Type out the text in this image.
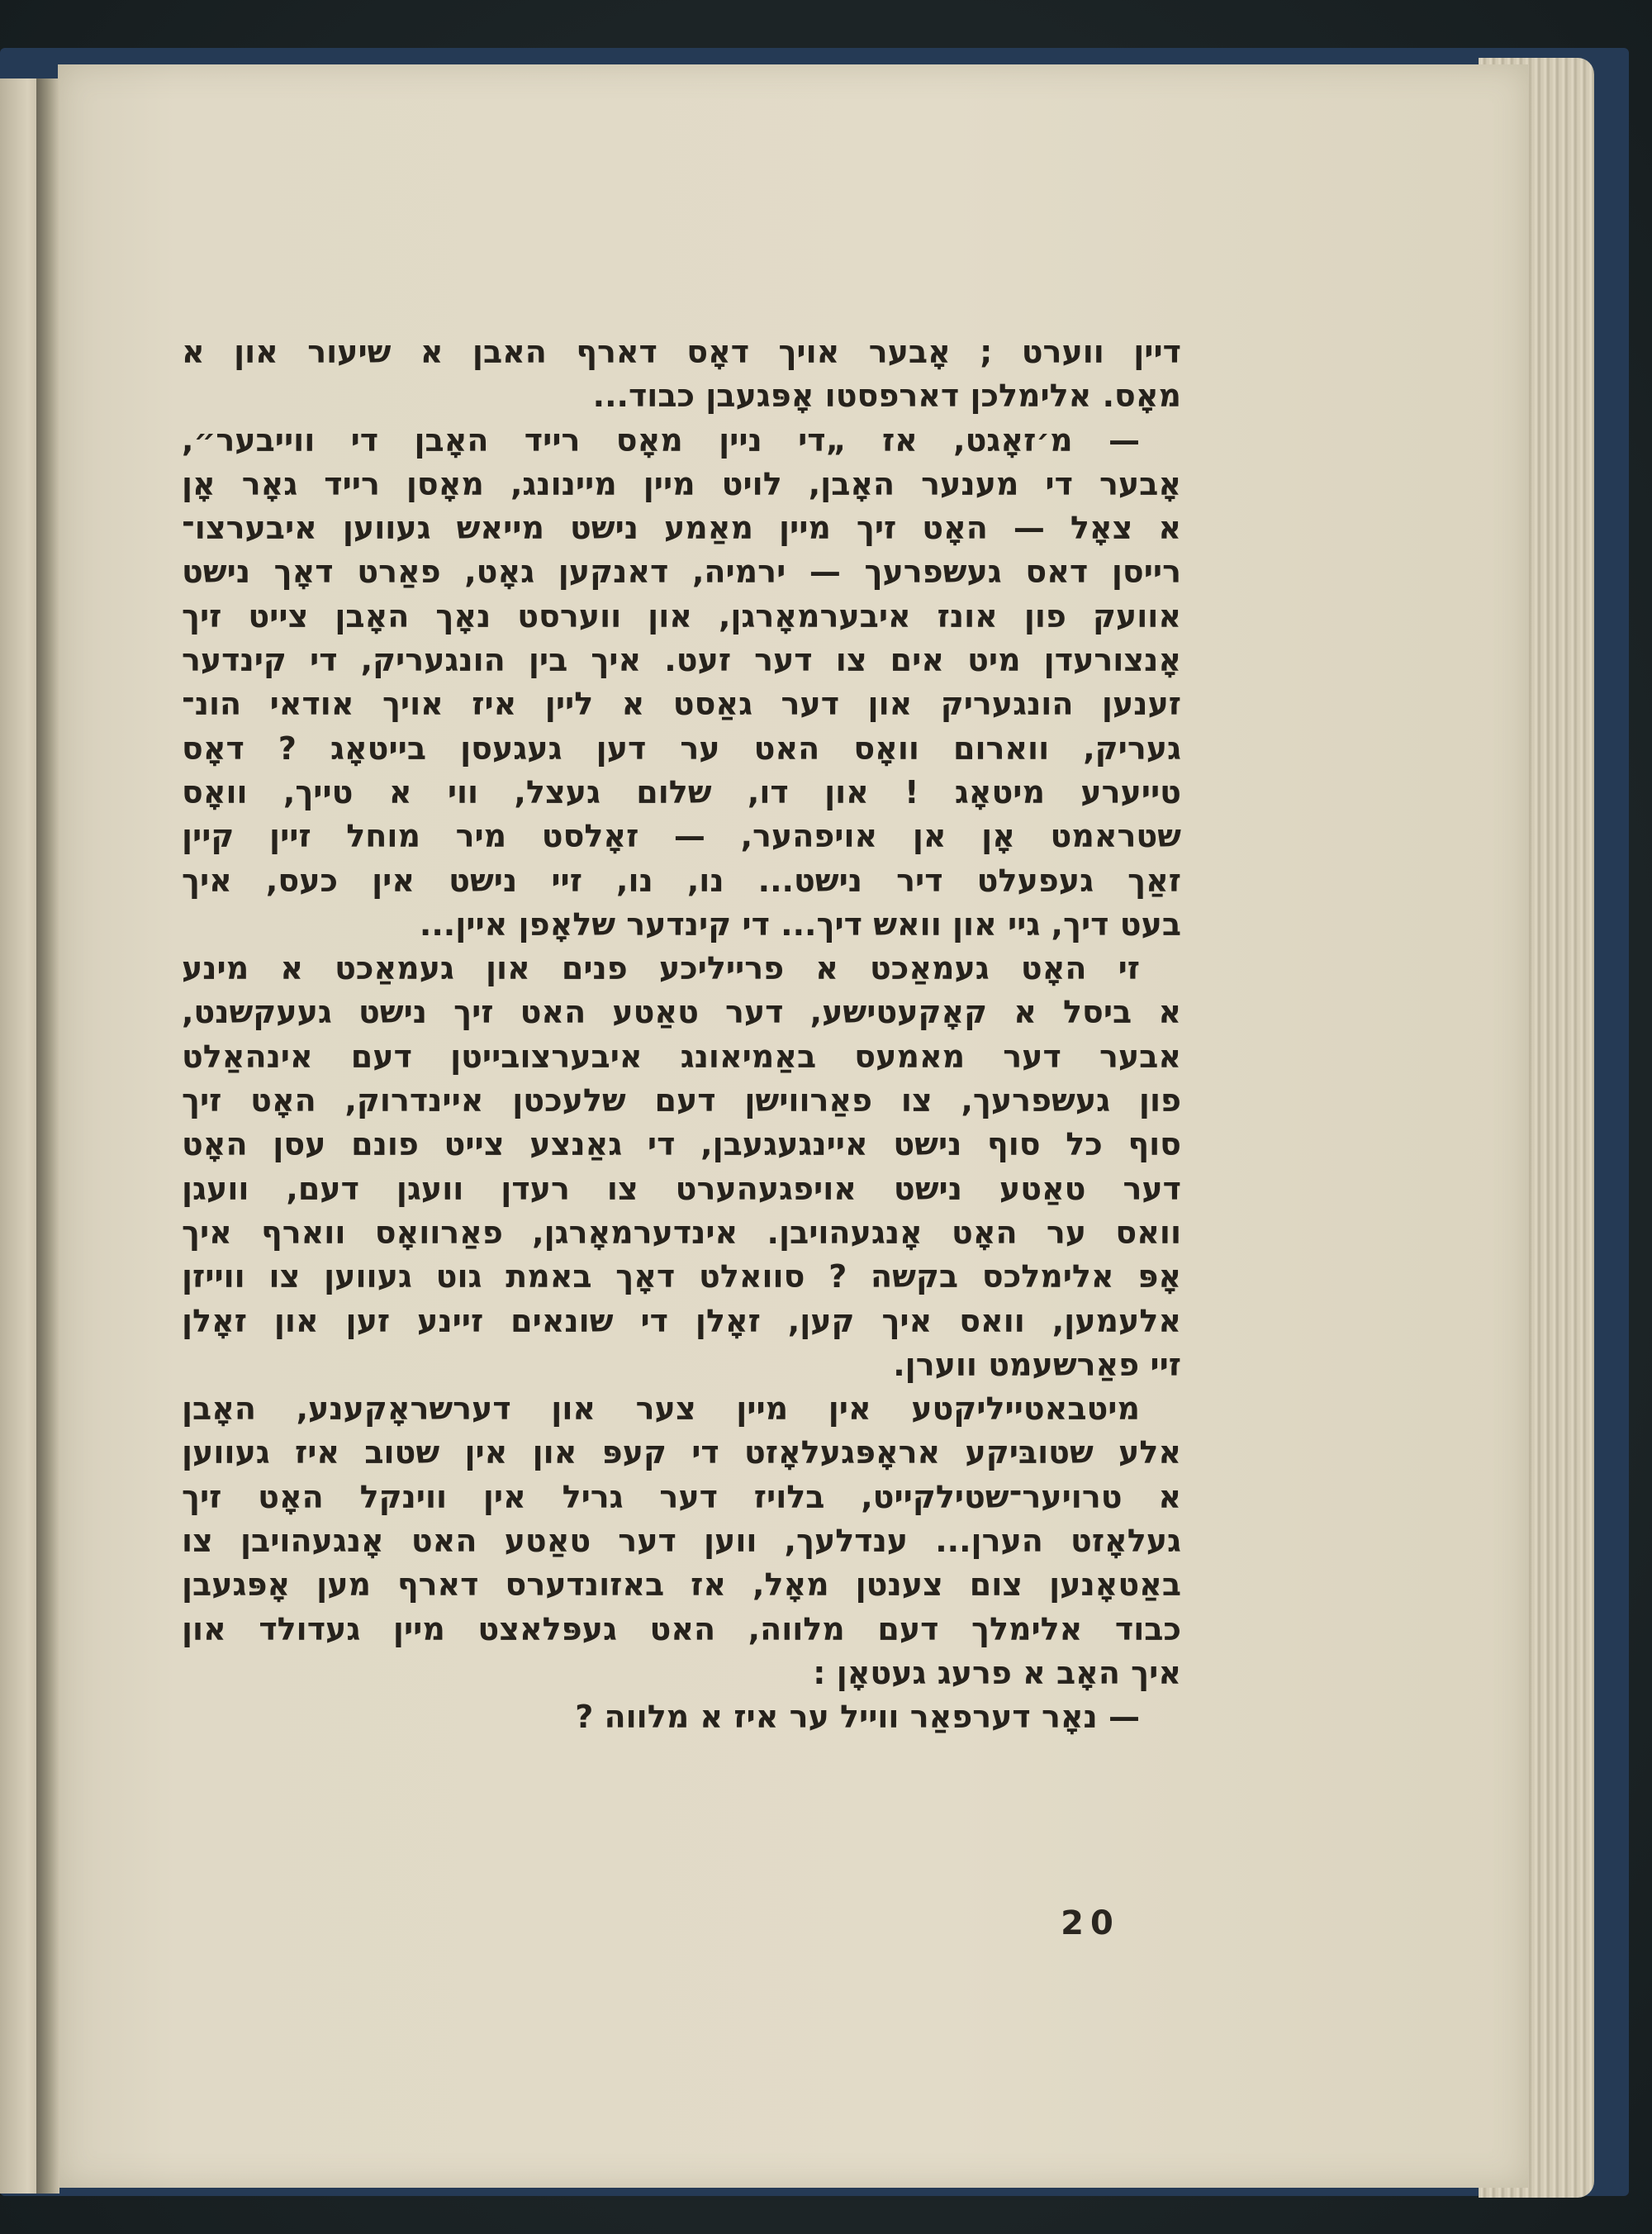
דיין ווערט ; אָבער אויך דאָס דארף האבן א שיעור און א
מאָס. אלימלכן דארפסטו אָפּגעבן כבוד...
— מ׳זאָגט, אז „די ניין מאָס רייד האָבן די ווייבער״,
אָבער די מענער האָבן, לויט מיין מיינונג, מאָסן רייד גאָר אָן
א צאָל — האָט זיך מיין מאַמע נישט מייאש געווען איבערצו־
רייסן דאס געשפרעך — ירמיה, דאנקען גאָט, פאַרט דאָך נישט
אוועק פון אונז איבערמאָרגן, און ווערסט נאָך האָבן צייט זיך
אָנצורעדן מיט אים צו דער זעט. איך בין הונגעריק, די קינדער
זענען הונגעריק און דער גאַסט א ליין איז אויך אודאי הונ־
געריק, ווארום וואָס האט ער דען געגעסן בייטאָג ? דאָס
טייערע מיטאָג ! און דו, שלום געצל, ווי א טייך, וואָס
שטראמט אָן אן אויפהער, — זאָלסט מיר מוחל זיין קיין
זאַך געפעלט דיר נישט... נו, נו, זיי נישט אין כעס, איך
בעט דיך, גיי און וואש דיך... די קינדער שלאָפן איין...
זי האָט געמאַכט א פרייליכע פנים און געמאַכט א מינע
א ביסל א קאָקעטישע, דער טאַטע האט זיך נישט געעקשנט,
אבער דער מאמעס באַמיאונג איבערצובייטן דעם אינהאַלט
פון געשפרעך, צו פאַרווישן דעם שלעכטן איינדרוק, האָט זיך
סוף כל סוף נישט איינגעגעבן, די גאַנצע צייט פונם עסן האָט
דער טאַטע נישט אויפגעהערט צו רעדן וועגן דעם, וועגן
וואס ער האָט אָנגעהויבן. אינדערמאָרגן, פאַרוואָס ווארף איך
אָפּ אלימלכס בקשה ? סוואלט דאָך באמת גוט געווען צו ווייזן
אלעמען, וואס איך קען, זאָלן די שונאים זיינע זען און זאָלן
זיי פאַרשעמט ווערן.
מיטבאטייליקטע אין מיין צער און דערשראָקענע, האָבן
אלע שטובּיקע אראָפּגעלאָזט די קעפּ און אין שטוב איז געווען
א טרויער־שטילקייט, בלויז דער גריל אין ווינקל האָט זיך
געלאָזט הערן... ענדלעך, ווען דער טאַטע האט אָנגעהויבן צו
באַטאָנען צום צענטן מאָל, אז באזונדערס דארף מען אָפּגעבן
כבוד אלימלך דעם מלווה, האט געפּלאצט מיין געדולד און
איך האָב א פרעג געטאָן :
— נאָר דערפאַר ווייל ער איז א מלווה ?
20
